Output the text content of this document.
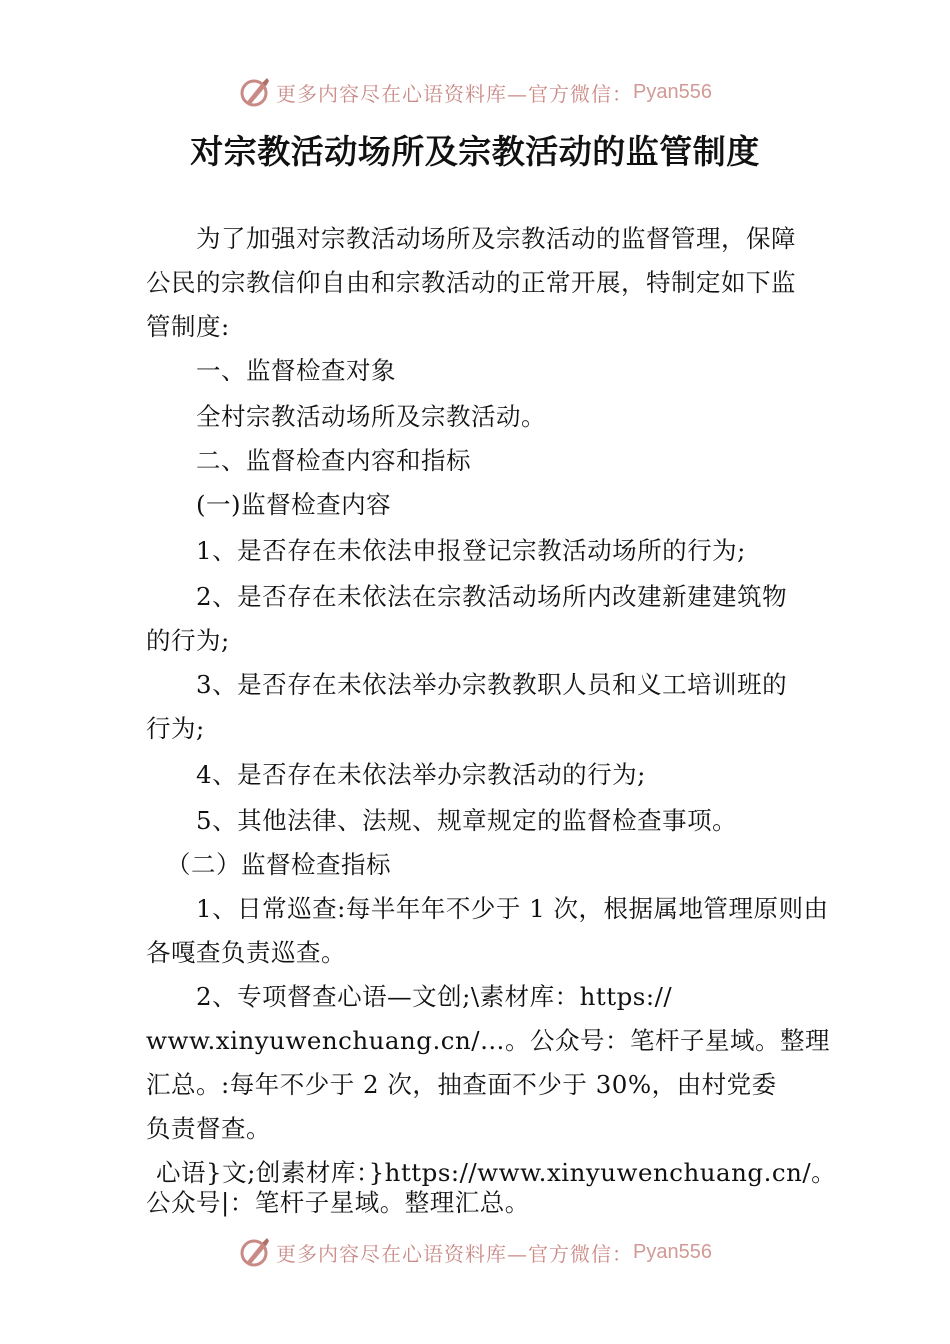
更多内容尽在心语资料库—官方微信： Pyan556
对宗教活动场所及宗教活动的监管制度
为了加强对宗教活动场所及宗教活动的监督管理，保障
公民的宗教信仰自由和宗教活动的正常开展，特制定如下监
管制度:
一、监督检查对象
全村宗教活动场所及宗教活动。
二、监督检查内容和指标
(一)监督检查内容
1、是否存在未依法申报登记宗教活动场所的行为;
2、是否存在未依法在宗教活动场所内改建新建建筑物
的行为;
3、是否存在未依法举办宗教教职人员和义工培训班的
行为;
4、是否存在未依法举办宗教活动的行为;
5、其他法律、法规、规章规定的监督检查事项。
（二）监督检查指标
1、日常巡查:每半年年不少于 1 次，根据属地管理原则由
各嘎查负责巡查。
2、专项督查心语—文创;\素材库：https://
www.xinyuwenchuang.cn/…。公众号：笔杆子星域。整理
汇总。:每年不少于 2 次，抽查面不少于 30%，由村党委
负责督查。
心语}文;创素材库：}https://www.xinyuwenchuang.cn/。
公众号|：笔杆子星域。整理汇总。
更多内容尽在心语资料库—官方微信： Pyan556
